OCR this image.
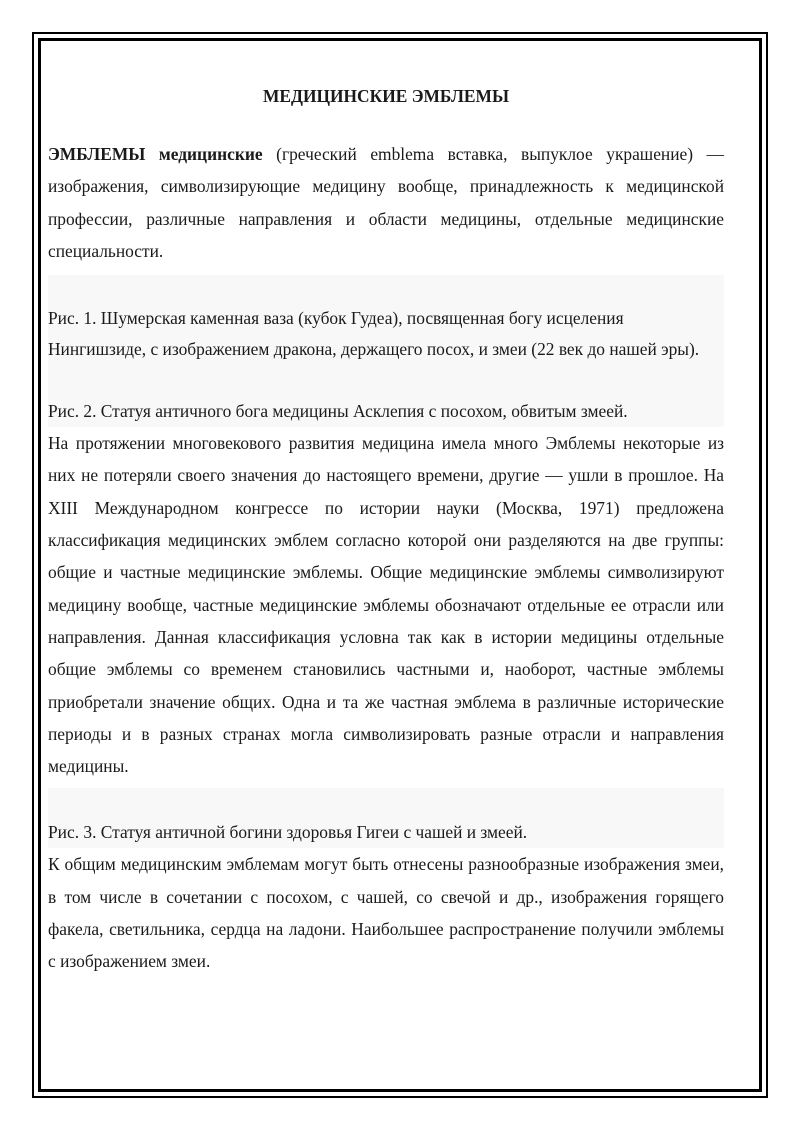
МЕДИЦИНСКИЕ ЭМБЛЕМЫ

ЭМБЛЕМЫ медицинские (греческий emblema вставка, выпуклое украшение) — изображения, символизирующие медицину вообще, принадлежность к медицинской профессии, различные направления и области медицины, отдельные медицинские специальности.

Рис. 1. Шумерская каменная ваза (кубок Гудеа), посвященная богу исцеления Нингишзиде, с изображением дракона, держащего посох, и змеи (22 век до нашей эры).

Рис. 2. Статуя античного бога медицины Асклепия с посохом, обвитым змеей.

На протяжении многовекового развития медицина имела много Эмблемы некоторые из них не потеряли своего значения до настоящего времени, другие — ушли в прошлое. На XIII Международном конгрессе по истории науки (Москва, 1971) предложена классификация медицинских эмблем согласно которой они разделяются на две группы: общие и частные медицинские эмблемы. Общие медицинские эмблемы символизируют медицину вообще, частные медицинские эмблемы обозначают отдельные ее отрасли или направления. Данная классификация условна так как в истории медицины отдельные общие эмблемы со временем становились частными и, наоборот, частные эмблемы приобретали значение общих. Одна и та же частная эмблема в различные исторические периоды и в разных странах могла символизировать разные отрасли и направления медицины.

Рис. 3. Статуя античной богини здоровья Гигеи с чашей и змеей.

К общим медицинским эмблемам могут быть отнесены разнообразные изображения змеи, в том числе в сочетании с посохом, с чашей, со свечой и др., изображения горящего факела, светильника, сердца на ладони. Наибольшее распространение получили эмблемы с изображением змеи.
